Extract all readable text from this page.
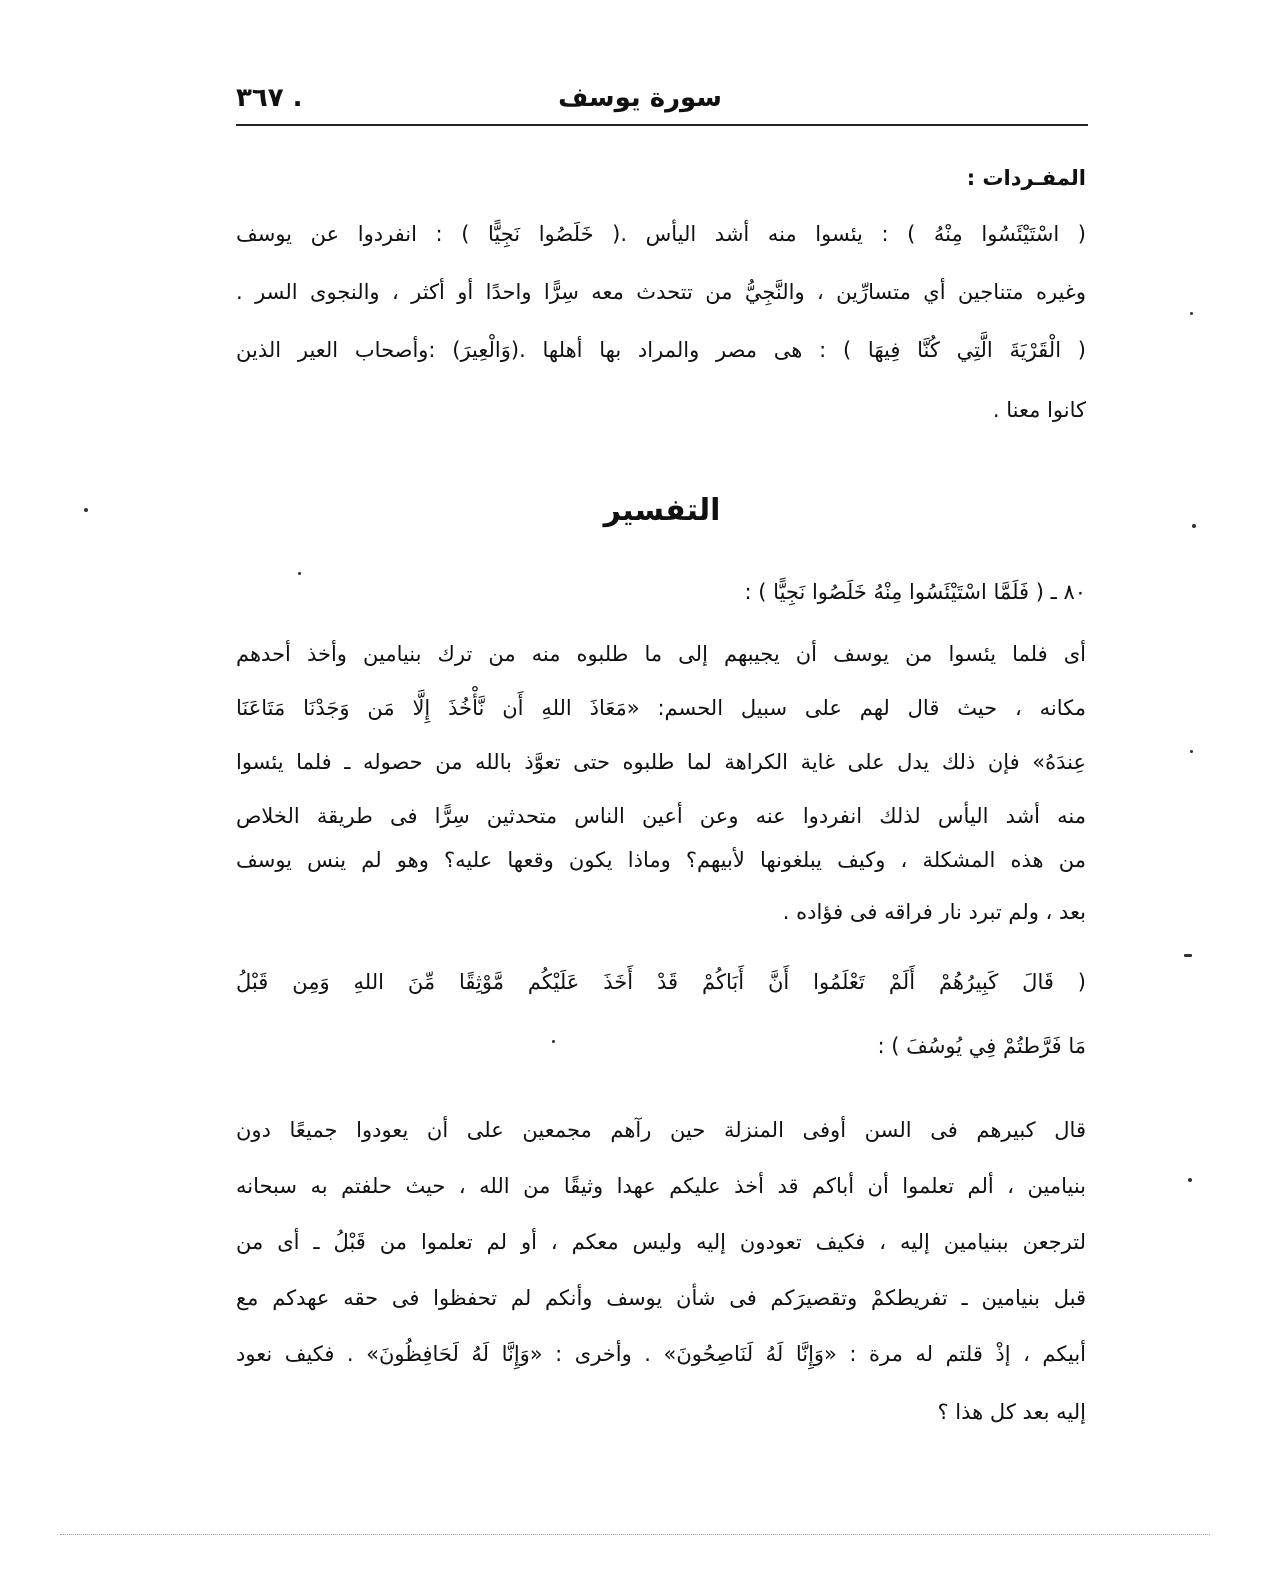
سورة يوسف
٣٦٧ .
المفـردات :
( اسْتَيْئَسُوا مِنْهُ ) : يئسوا منه أشد اليأس .( خَلَصُوا نَجِيًّا ) : انفردوا عن يوسف
وغيره متناجين أي متسارِّين ، والنَّجِيُّ من تتحدث معه سِرًّا واحدًا أو أكثر ، والنجوى السر .
( الْقَرْيَةَ الَّتِي كُنَّا فِيهَا ) : هى مصر والمراد بها أهلها .(وَالْعِيرَ) :وأصحاب العير الذين
كانوا معنا .
التفسير
٨٠ ـ ( فَلَمَّا اسْتَيْئَسُوا مِنْهُ خَلَصُوا نَجِيًّا ) :
أى فلما يئسوا من يوسف أن يجيبهم إلى ما طلبوه منه من ترك بنيامين وأخذ أحدهم
مكانه ، حيث قال لهم على سبيل الحسم: «مَعَاذَ اللهِ أَن نَّأْخُذَ إِلَّا مَن وَجَدْنَا مَتَاعَنَا
عِندَهُ» فإن ذلك يدل على غاية الكراهة لما طلبوه حتى تعوَّذ بالله من حصوله ـ فلما يئسوا
منه أشد اليأس لذلك انفردوا عنه وعن أعين الناس متحدثين سِرًّا فى طريقة الخلاص
من هذه المشكلة ، وكيف يبلغونها لأبيهم؟ وماذا يكون وقعها عليه؟ وهو لم ينس يوسف
بعد ، ولم تبرد نار فراقه فى فؤاده .
( قَالَ كَبِيرُهُمْ أَلَمْ تَعْلَمُوا أَنَّ أَبَاكُمْ قَدْ أَخَذَ عَلَيْكُم مَّوْثِقًا مِّنَ اللهِ وَمِن قَبْلُ
مَا فَرَّطتُمْ فِي يُوسُفَ ) :
قال كبيرهم فى السن أوفى المنزلة حين رآهم مجمعين على أن يعودوا جميعًا دون
بنيامين ، ألم تعلموا أن أباكم قد أخذ عليكم عهدا وثيقًا من الله ، حيث حلفتم به سبحانه
لترجعن ببنيامين إليه ، فكيف تعودون إليه وليس معكم ، أو لم تعلموا من قَبْلُ ـ أى من
قبل بنيامين ـ تفريطكمْ وتقصيرَكم فى شأن يوسف وأنكم لم تحفظوا فى حقه عهدكم مع
أبيكم ، إذْ قلتم له مرة : «وَإِنَّا لَهُ لَنَاصِحُونَ» . وأخرى : «وَإِنَّا لَهُ لَحَافِظُونَ» . فكيف نعود
إليه بعد كل هذا ؟
